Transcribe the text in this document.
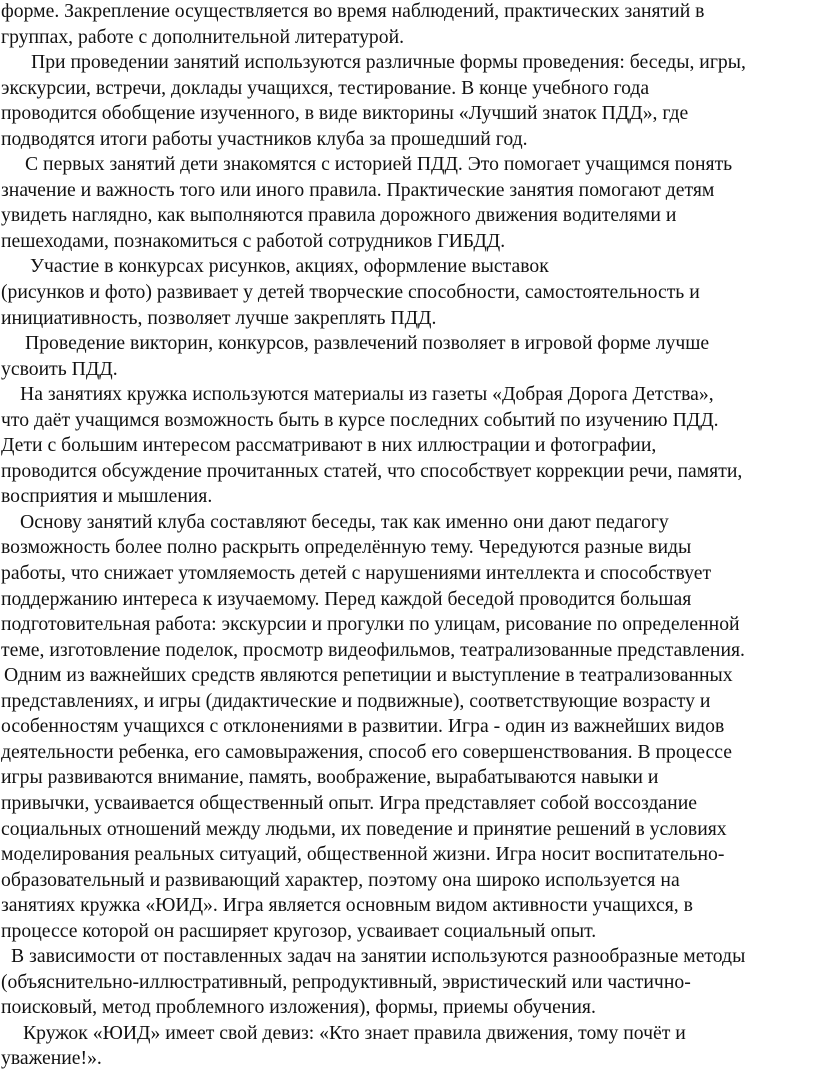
форме. Закрепление осуществляется во время наблюдений, практических занятий в
группах, работе с дополнительной литературой.
При проведении занятий используются различные формы проведения: беседы, игры,
экскурсии, встречи, доклады учащихся, тестирование. В конце учебного года
проводится обобщение изученного, в виде викторины «Лучший знаток ПДД», где
подводятся итоги работы участников клуба за прошедший год.
С первых занятий дети знакомятся с историей ПДД. Это помогает учащимся понять
значение и важность того или иного правила. Практические занятия помогают детям
увидеть наглядно, как выполняются правила дорожного движения водителями и
пешеходами, познакомиться с работой сотрудников ГИБДД.
Участие в конкурсах рисунков, акциях, оформление выставок
(рисунков и фото) развивает у детей творческие способности, самостоятельность и
инициативность, позволяет лучше закреплять ПДД.
Проведение викторин, конкурсов, развлечений позволяет в игровой форме лучше
усвоить ПДД.
На занятиях кружка используются материалы из газеты «Добрая Дорога Детства»,
что даёт учащимся возможность быть в курсе последних событий по изучению ПДД.
Дети с большим интересом рассматривают в них иллюстрации и фотографии,
проводится обсуждение прочитанных статей, что способствует коррекции речи, памяти,
восприятия и мышления.
Основу занятий клуба составляют беседы, так как именно они дают педагогу
возможность более полно раскрыть определённую тему. Чередуются разные виды
работы, что снижает утомляемость детей с нарушениями интеллекта и способствует
поддержанию интереса к изучаемому. Перед каждой беседой проводится большая
подготовительная работа: экскурсии и прогулки по улицам, рисование по определенной
теме, изготовление поделок, просмотр видеофильмов, театрализованные представления.
Одним из важнейших средств являются репетиции и выступление в театрализованных
представлениях, и игры (дидактические и подвижные), соответствующие возрасту и
особенностям учащихся с отклонениями в развитии. Игра - один из важнейших видов
деятельности ребенка, его самовыражения, способ его совершенствования. В процессе
игры развиваются внимание, память, воображение, вырабатываются навыки и
привычки, усваивается общественный опыт. Игра представляет собой воссоздание
социальных отношений между людьми, их поведение и принятие решений в условиях
моделирования реальных ситуаций, общественной жизни. Игра носит воспитательно-
образовательный и развивающий характер, поэтому она широко используется на
занятиях кружка «ЮИД». Игра является основным видом активности учащихся, в
процессе которой он расширяет кругозор, усваивает социальный опыт.
В зависимости от поставленных задач на занятии используются разнообразные методы
(объяснительно-иллюстративный, репродуктивный, эвристический или частично-
поисковый, метод проблемного изложения), формы, приемы обучения.
Кружок «ЮИД» имеет свой девиз: «Кто знает правила движения, тому почёт и
уважение!».
